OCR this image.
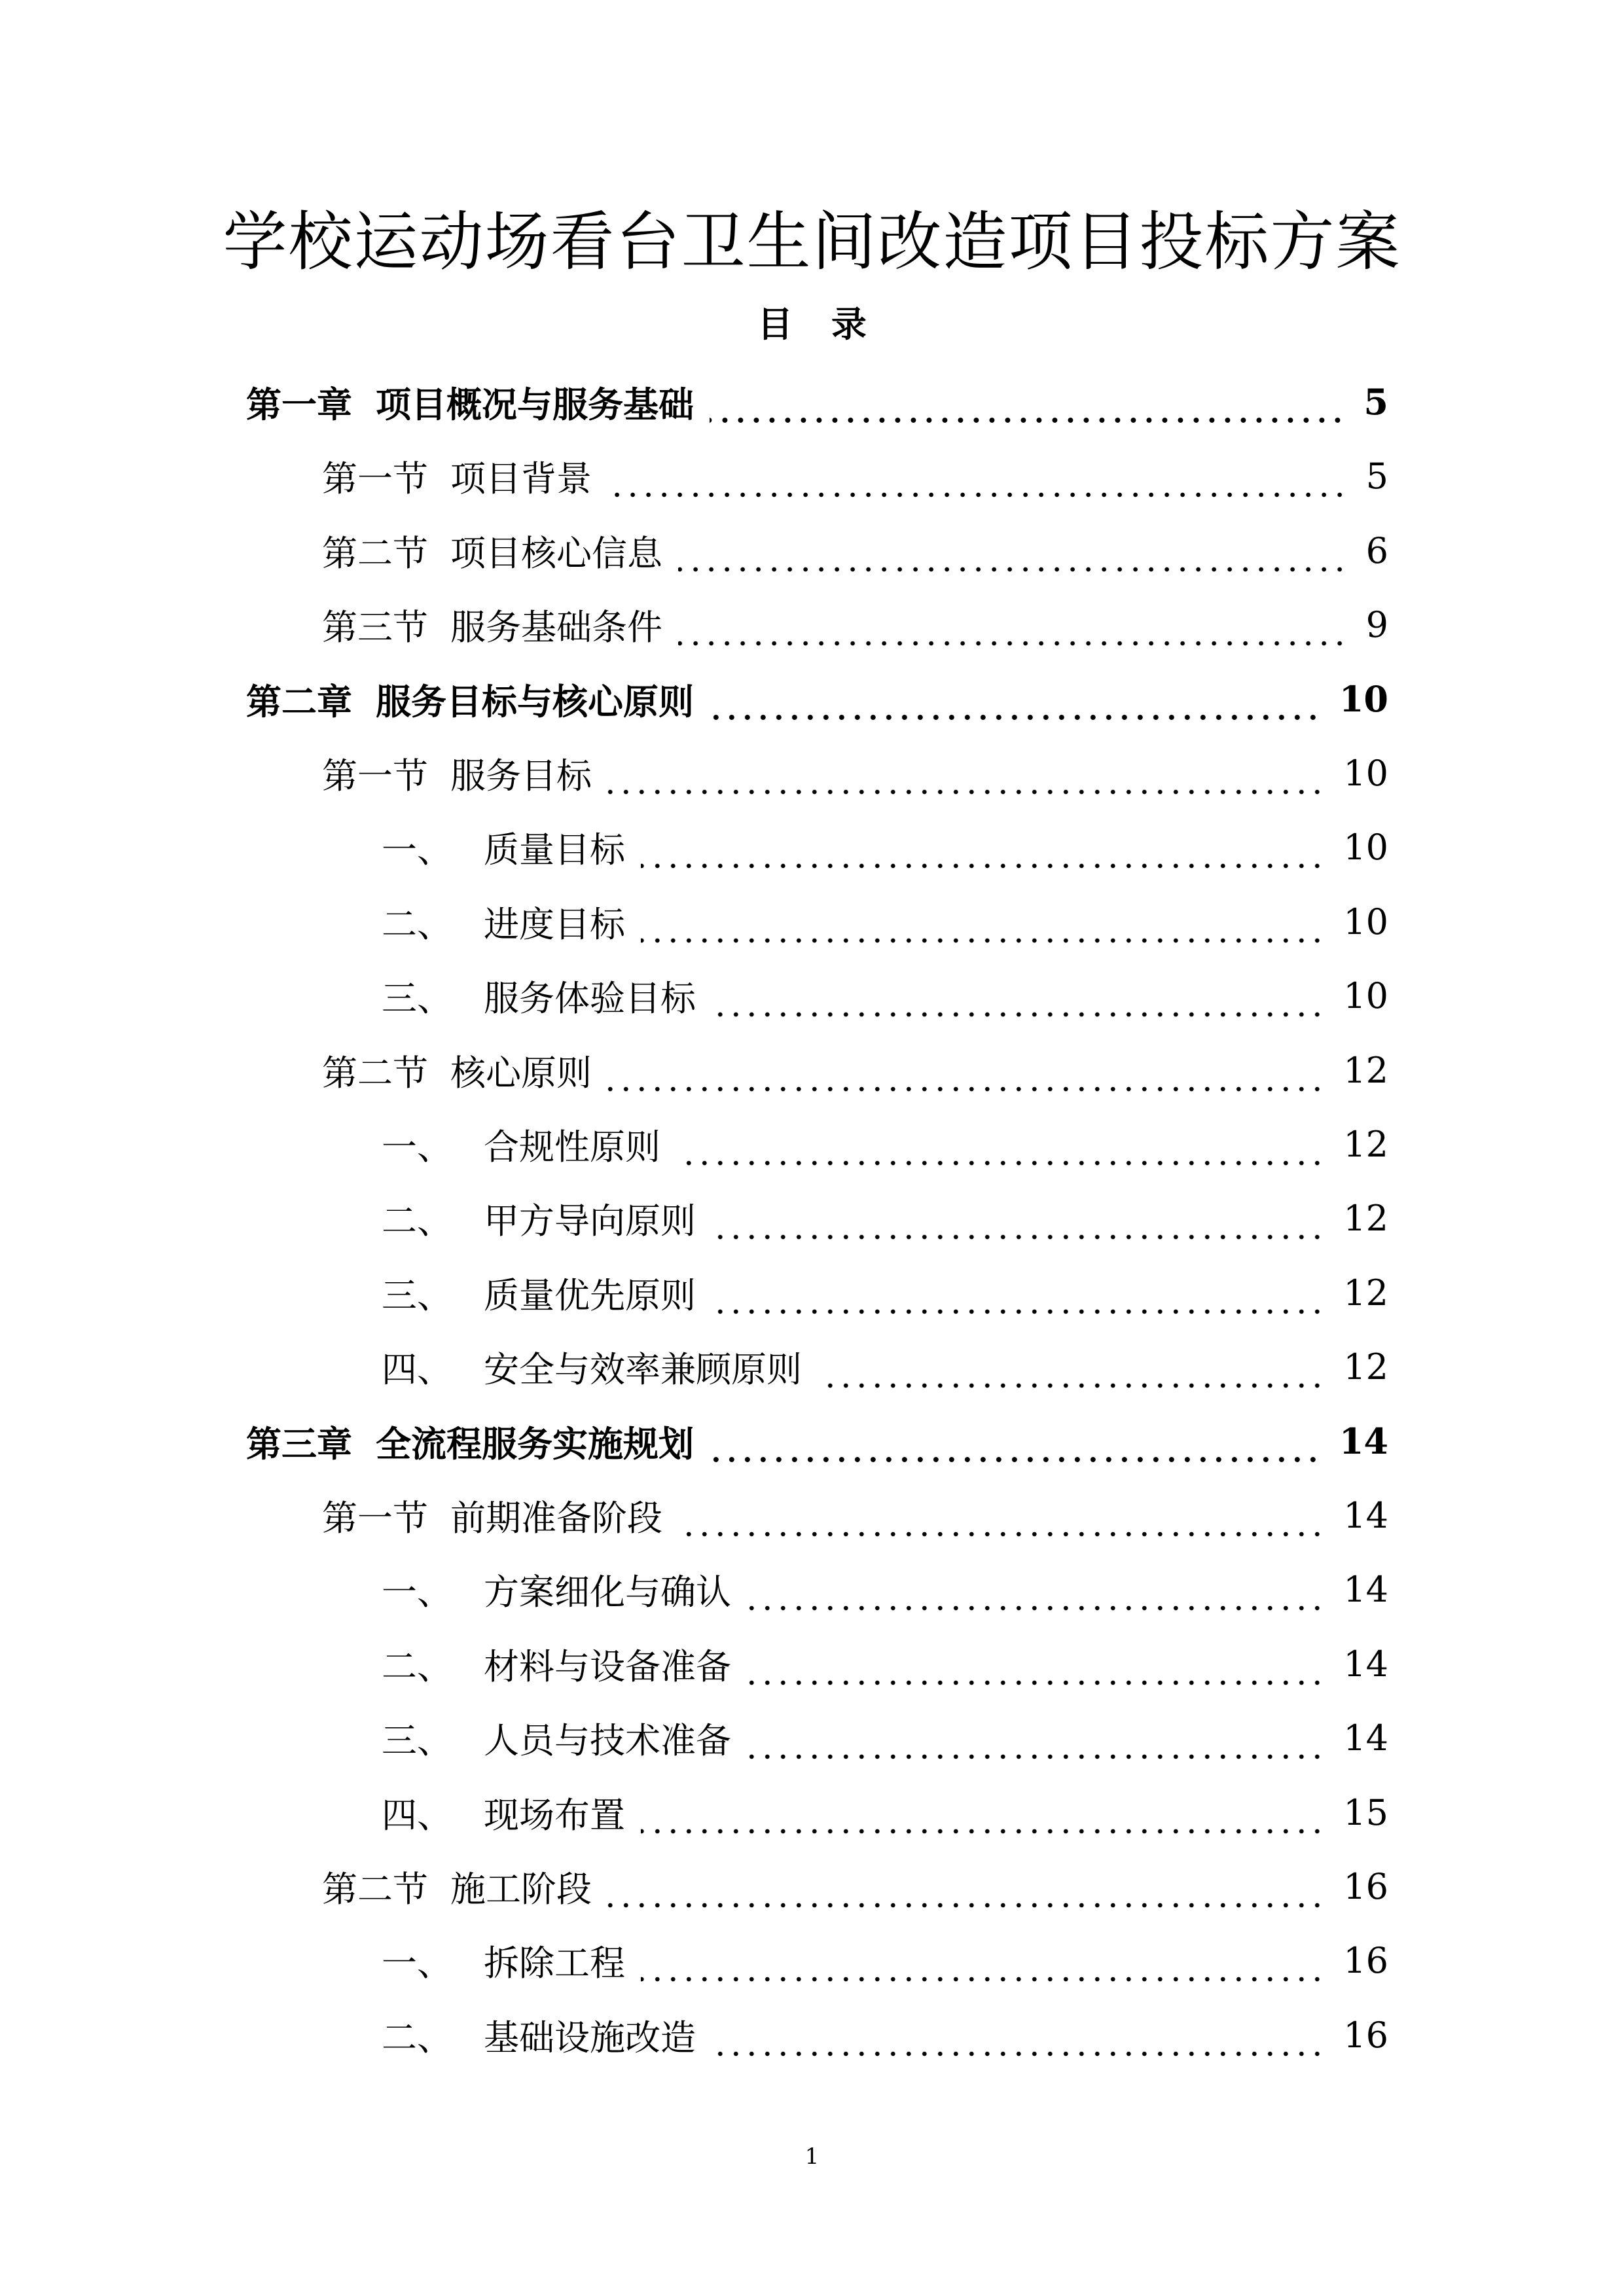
学校运动场看台卫生间改造项目投标方案
目 录
第一章 项目概况与服务基础	5
第一节 项目背景	5
第二节 项目核心信息	6
第三节 服务基础条件	9
第二章 服务目标与核心原则	10
第一节 服务目标	10
一、 质量目标	10
二、 进度目标	10
三、 服务体验目标	10
第二节 核心原则	12
一、 合规性原则	12
二、 甲方导向原则	12
三、 质量优先原则	12
四、 安全与效率兼顾原则	12
第三章 全流程服务实施规划	14
第一节 前期准备阶段	14
一、 方案细化与确认	14
二、 材料与设备准备	14
三、 人员与技术准备	14
四、 现场布置	15
第二节 施工阶段	16
一、 拆除工程	16
二、 基础设施改造	16
1
